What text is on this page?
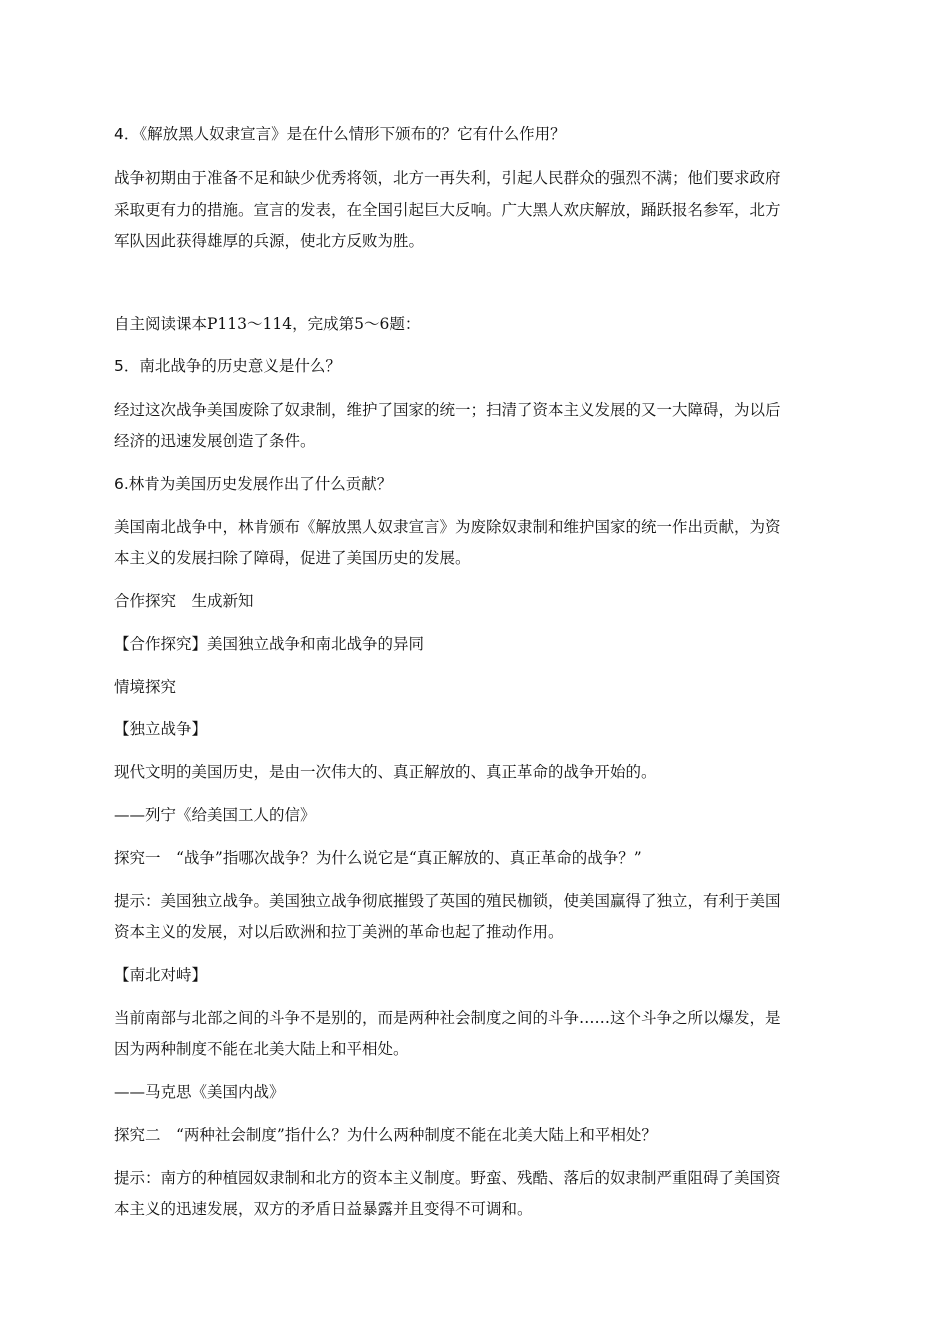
4．《解放黑人奴隶宣言》是在什么情形下颁布的？它有什么作用？

战争初期由于准备不足和缺少优秀将领，北方一再失利，引起人民群众的强烈不满；他们要求政府

采取更有力的措施。宣言的发表，在全国引起巨大反响。广大黑人欢庆解放，踊跃报名参军，北方

军队因此获得雄厚的兵源，使北方反败为胜。

自主阅读课本P113～114，完成第5～6题：

5．南北战争的历史意义是什么？

经过这次战争美国废除了奴隶制，维护了国家的统一；扫清了资本主义发展的又一大障碍，为以后

经济的迅速发展创造了条件。

6.林肯为美国历史发展作出了什么贡献？

美国南北战争中，林肯颁布《解放黑人奴隶宣言》为废除奴隶制和维护国家的统一作出贡献，为资

本主义的发展扫除了障碍，促进了美国历史的发展。

合作探究　生成新知

【合作探究】美国独立战争和南北战争的异同

情境探究

【独立战争】

现代文明的美国历史，是由一次伟大的、真正解放的、真正革命的战争开始的。

——列宁《给美国工人的信》

探究一　“战争”指哪次战争？为什么说它是“真正解放的、真正革命的战争？”

提示：美国独立战争。美国独立战争彻底摧毁了英国的殖民枷锁，使美国赢得了独立，有利于美国

资本主义的发展，对以后欧洲和拉丁美洲的革命也起了推动作用。

【南北对峙】

当前南部与北部之间的斗争不是别的，而是两种社会制度之间的斗争……这个斗争之所以爆发，是

因为两种制度不能在北美大陆上和平相处。

——马克思《美国内战》

探究二　“两种社会制度”指什么？为什么两种制度不能在北美大陆上和平相处？

提示：南方的种植园奴隶制和北方的资本主义制度。野蛮、残酷、落后的奴隶制严重阻碍了美国资

本主义的迅速发展，双方的矛盾日益暴露并且变得不可调和。
